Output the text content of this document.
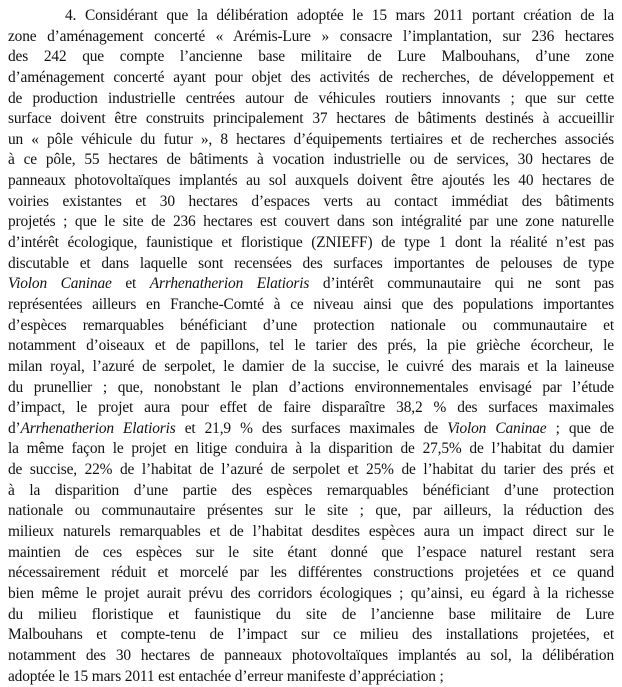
4. Considérant que la délibération adoptée le 15 mars 2011 portant création de la
zone d’aménagement concerté « Arémis-Lure » consacre l’implantation, sur 236 hectares
des 242 que compte l’ancienne base militaire de Lure Malbouhans, d’une zone
d’aménagement concerté ayant pour objet des activités de recherches, de développement et
de production industrielle centrées autour de véhicules routiers innovants ; que sur cette
surface doivent être construits principalement 37 hectares de bâtiments destinés à accueillir
un « pôle véhicule du futur », 8 hectares d’équipements tertiaires et de recherches associés
à ce pôle, 55 hectares de bâtiments à vocation industrielle ou de services, 30 hectares de
panneaux photovoltaïques implantés au sol auxquels doivent être ajoutés les 40 hectares de
voiries existantes et 30 hectares d’espaces verts au contact immédiat des bâtiments
projetés ; que le site de 236 hectares est couvert dans son intégralité par une zone naturelle
d’intérêt écologique, faunistique et floristique (ZNIEFF) de type 1 dont la réalité n’est pas
discutable et dans laquelle sont recensées des surfaces importantes de pelouses de type
Violon Caninae et Arrhenatherion Elatioris d’intérêt communautaire qui ne sont pas
représentées ailleurs en Franche-Comté à ce niveau ainsi que des populations importantes
d’espèces remarquables bénéficiant d’une protection nationale ou communautaire et
notamment d’oiseaux et de papillons, tel le tarier des prés, la pie grièche écorcheur, le
milan royal, l’azuré de serpolet, le damier de la succise, le cuivré des marais et la laineuse
du prunellier ; que, nonobstant le plan d’actions environnementales envisagé par l’étude
d’impact, le projet aura pour effet de faire disparaître 38,2 % des surfaces maximales
d’Arrhenatherion Elatioris et 21,9 % des surfaces maximales de Violon Caninae ; que de
la même façon le projet en litige conduira à la disparition de 27,5% de l’habitat du damier
de succise, 22% de l’habitat de l’azuré de serpolet et 25% de l’habitat du tarier des prés et
à la disparition d’une partie des espèces remarquables bénéficiant d’une protection
nationale ou communautaire présentes sur le site ; que, par ailleurs, la réduction des
milieux naturels remarquables et de l’habitat desdites espèces aura un impact direct sur le
maintien de ces espèces sur le site étant donné que l’espace naturel restant sera
nécessairement réduit et morcelé par les différentes constructions projetées et ce quand
bien même le projet aurait prévu des corridors écologiques ; qu’ainsi, eu égard à la richesse
du milieu floristique et faunistique du site de l’ancienne base militaire de Lure
Malbouhans et compte-tenu de l’impact sur ce milieu des installations projetées, et
notamment des 30 hectares de panneaux photovoltaïques implantés au sol, la délibération
adoptée le 15 mars 2011 est entachée d’erreur manifeste d’appréciation ;
